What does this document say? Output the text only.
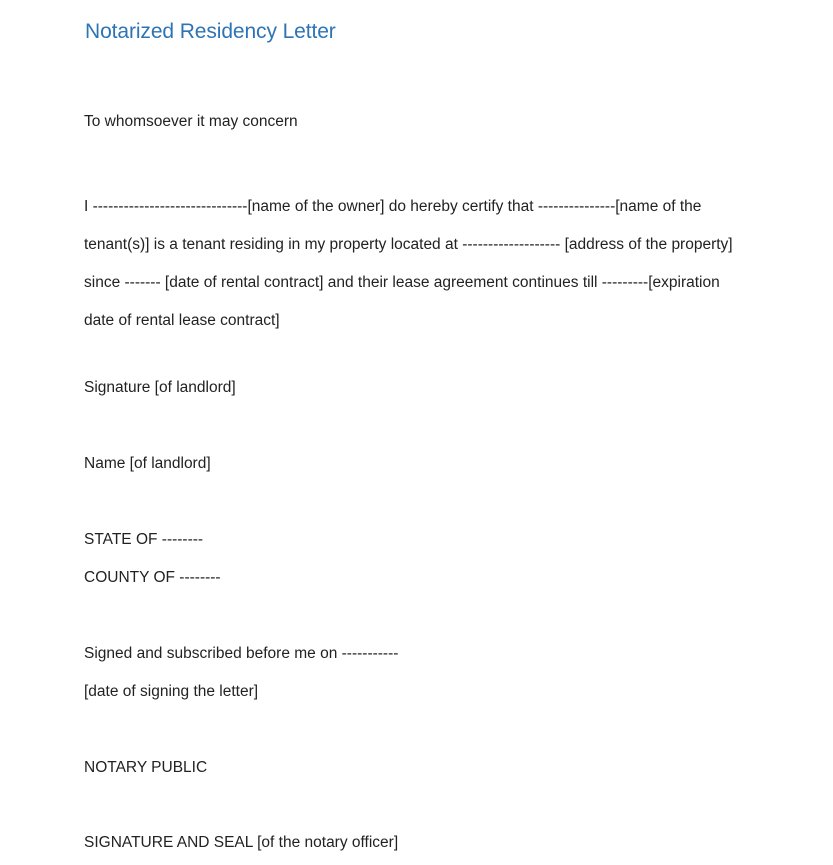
Notarized Residency Letter

To whomsoever it may concern

I ------------------------------[name of the owner] do hereby certify that ---------------[name of the
tenant(s)] is a tenant residing in my property located at ------------------- [address of the property]
since ------- [date of rental contract] and their lease agreement continues till ---------[expiration
date of rental lease contract]

Signature [of landlord]

Name [of landlord]

STATE OF --------

COUNTY OF --------

Signed and subscribed before me on -----------

[date of signing the letter]

NOTARY PUBLIC

SIGNATURE AND SEAL [of the notary officer]
